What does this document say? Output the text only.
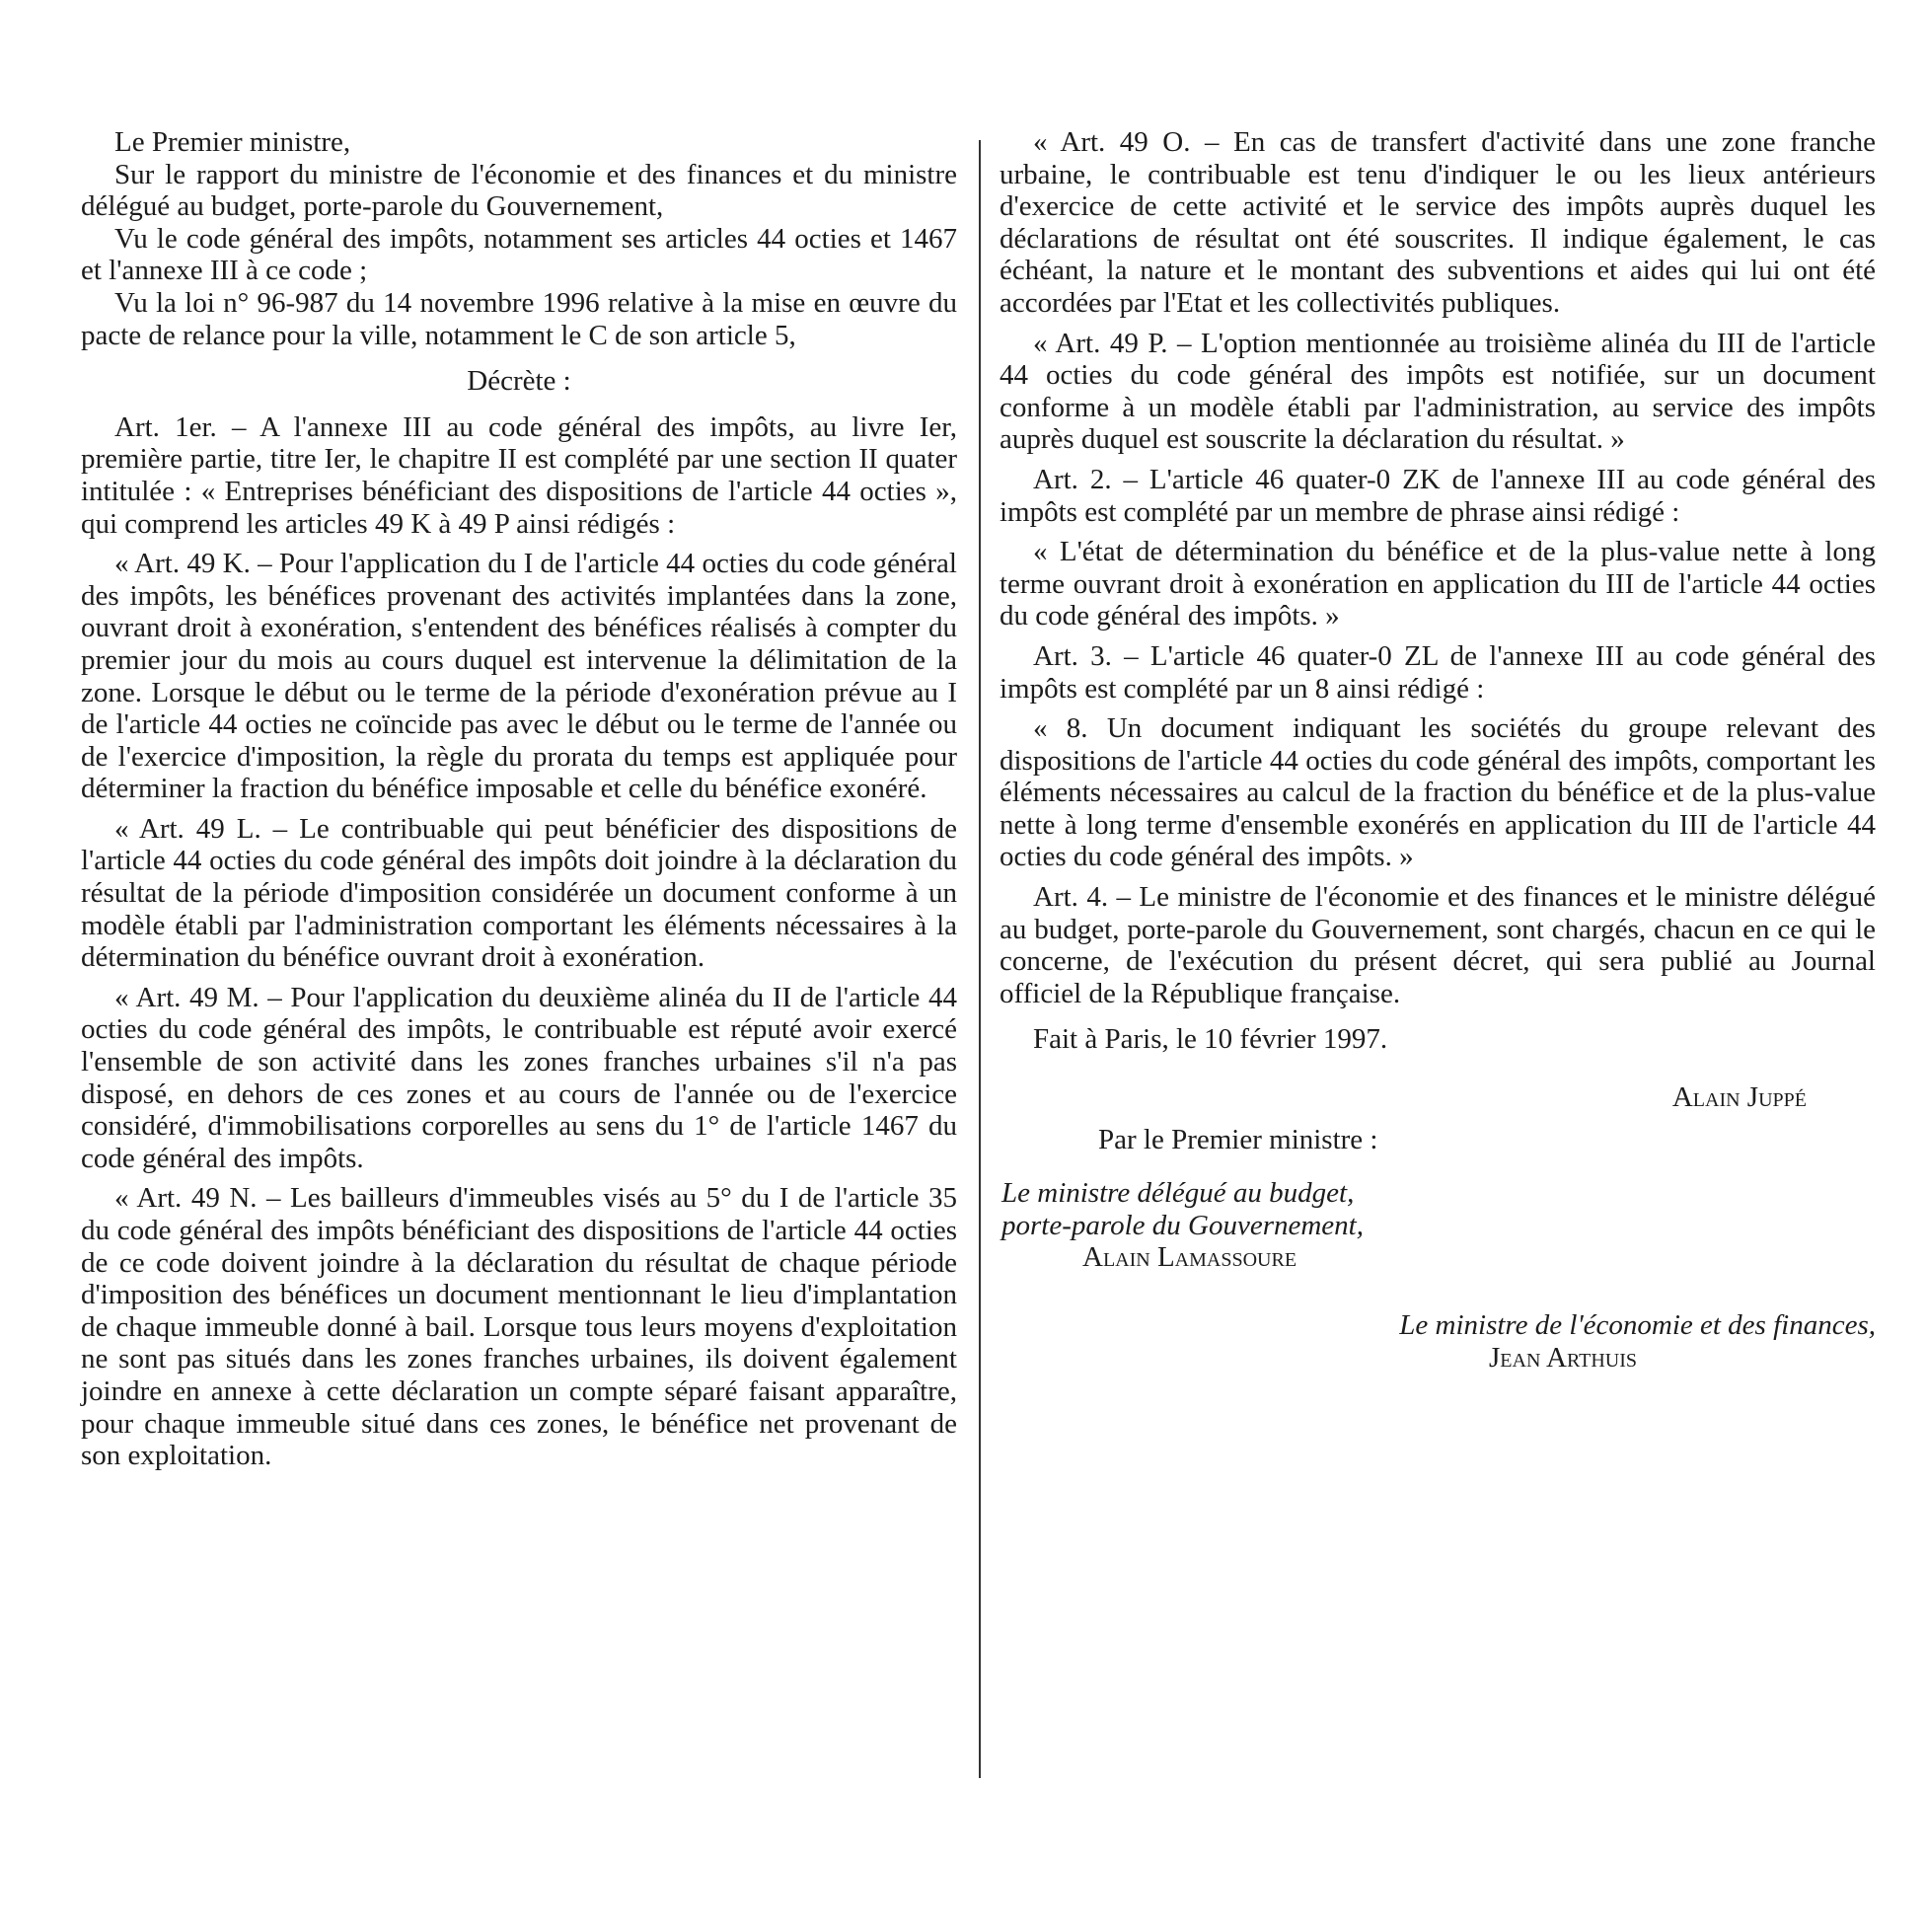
Le Premier ministre,

Sur le rapport du ministre de l'économie et des finances et du ministre délégué au budget, porte-parole du Gouvernement,

Vu le code général des impôts, notamment ses articles 44 octies et 1467 et l'annexe III à ce code ;

Vu la loi n° 96-987 du 14 novembre 1996 relative à la mise en œuvre du pacte de relance pour la ville, notamment le C de son article 5,

Décrète :

Art. 1er. – A l'annexe III au code général des impôts, au livre Ier, première partie, titre Ier, le chapitre II est complété par une section II quater intitulée : « Entreprises bénéficiant des dispositions de l'article 44 octies », qui comprend les articles 49 K à 49 P ainsi rédigés :

« Art. 49 K. – Pour l'application du I de l'article 44 octies du code général des impôts, les bénéfices provenant des activités implantées dans la zone, ouvrant droit à exonération, s'entendent des bénéfices réalisés à compter du premier jour du mois au cours duquel est intervenue la délimitation de la zone. Lorsque le début ou le terme de la période d'exonération prévue au I de l'article 44 octies ne coïncide pas avec le début ou le terme de l'année ou de l'exercice d'imposition, la règle du prorata du temps est appliquée pour déterminer la fraction du bénéfice imposable et celle du bénéfice exonéré.

« Art. 49 L. – Le contribuable qui peut bénéficier des dispositions de l'article 44 octies du code général des impôts doit joindre à la déclaration du résultat de la période d'imposition considérée un document conforme à un modèle établi par l'administration comportant les éléments nécessaires à la détermination du bénéfice ouvrant droit à exonération.

« Art. 49 M. – Pour l'application du deuxième alinéa du II de l'article 44 octies du code général des impôts, le contribuable est réputé avoir exercé l'ensemble de son activité dans les zones franches urbaines s'il n'a pas disposé, en dehors de ces zones et au cours de l'année ou de l'exercice considéré, d'immobilisations corporelles au sens du 1° de l'article 1467 du code général des impôts.

« Art. 49 N. – Les bailleurs d'immeubles visés au 5° du I de l'article 35 du code général des impôts bénéficiant des dispositions de l'article 44 octies de ce code doivent joindre à la déclaration du résultat de chaque période d'imposition des bénéfices un document mentionnant le lieu d'implantation de chaque immeuble donné à bail. Lorsque tous leurs moyens d'exploitation ne sont pas situés dans les zones franches urbaines, ils doivent également joindre en annexe à cette déclaration un compte séparé faisant apparaître, pour chaque immeuble situé dans ces zones, le bénéfice net provenant de son exploitation.

« Art. 49 O. – En cas de transfert d'activité dans une zone franche urbaine, le contribuable est tenu d'indiquer le ou les lieux antérieurs d'exercice de cette activité et le service des impôts auprès duquel les déclarations de résultat ont été souscrites. Il indique également, le cas échéant, la nature et le montant des subventions et aides qui lui ont été accordées par l'Etat et les collectivités publiques.

« Art. 49 P. – L'option mentionnée au troisième alinéa du III de l'article 44 octies du code général des impôts est notifiée, sur un document conforme à un modèle établi par l'administration, au service des impôts auprès duquel est souscrite la déclaration du résultat. »

Art. 2. – L'article 46 quater-0 ZK de l'annexe III au code général des impôts est complété par un membre de phrase ainsi rédigé :

« L'état de détermination du bénéfice et de la plus-value nette à long terme ouvrant droit à exonération en application du III de l'article 44 octies du code général des impôts. »

Art. 3. – L'article 46 quater-0 ZL de l'annexe III au code général des impôts est complété par un 8 ainsi rédigé :

« 8. Un document indiquant les sociétés du groupe relevant des dispositions de l'article 44 octies du code général des impôts, comportant les éléments nécessaires au calcul de la fraction du bénéfice et de la plus-value nette à long terme d'ensemble exonérés en application du III de l'article 44 octies du code général des impôts. »

Art. 4. – Le ministre de l'économie et des finances et le ministre délégué au budget, porte-parole du Gouvernement, sont chargés, chacun en ce qui le concerne, de l'exécution du présent décret, qui sera publié au Journal officiel de la République française.

Fait à Paris, le 10 février 1997.

Alain Juppé

Par le Premier ministre :

Le ministre délégué au budget,

porte-parole du Gouvernement,

Alain Lamassoure

Le ministre de l'économie et des finances,

Jean Arthuis
